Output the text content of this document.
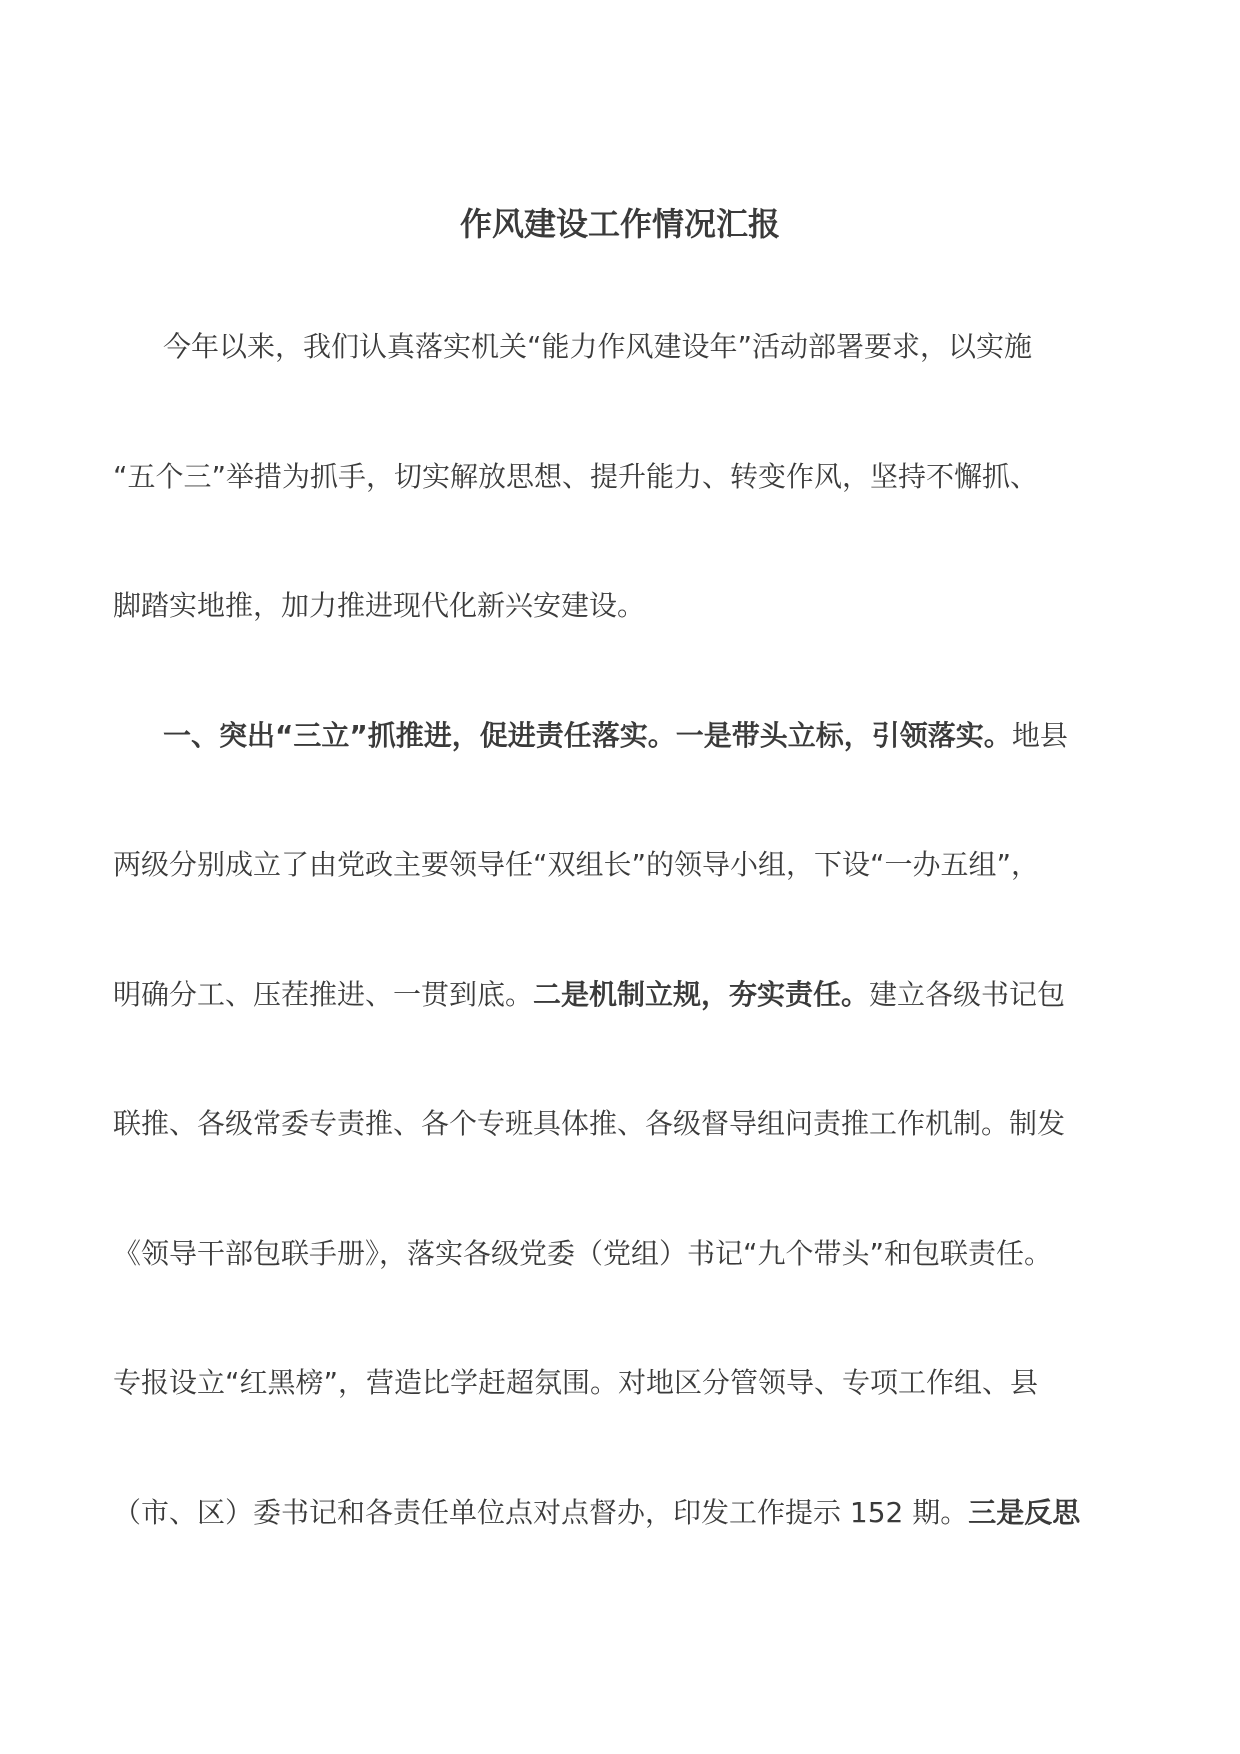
作风建设工作情况汇报
今年以来，我们认真落实机关“能力作风建设年”活动部署要求，以实施
“五个三”举措为抓手，切实解放思想、提升能力、转变作风，坚持不懈抓、
脚踏实地推，加力推进现代化新兴安建设。
一、突出“三立”抓推进，促进责任落实。一是带头立标，引领落实。地县
两级分别成立了由党政主要领导任“双组长”的领导小组，下设“一办五组”，
明确分工、压茬推进、一贯到底。二是机制立规，夯实责任。建立各级书记包
联推、各级常委专责推、各个专班具体推、各级督导组问责推工作机制。制发
《领导干部包联手册》，落实各级党委（党组）书记“九个带头”和包联责任。
专报设立“红黑榜”，营造比学赶超氛围。对地区分管领导、专项工作组、县
（市、区）委书记和各责任单位点对点督办，印发工作提示 152 期。三是反思
